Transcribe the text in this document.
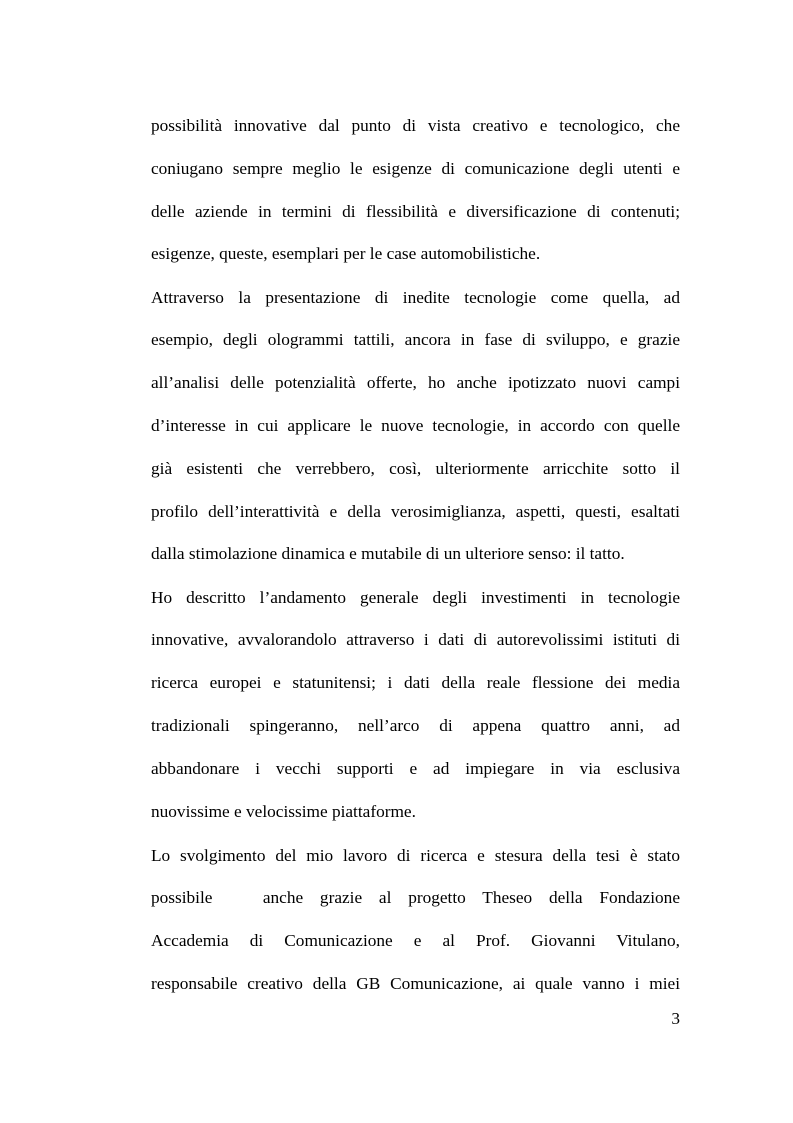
possibilità innovative dal punto di vista creativo e tecnologico, che
coniugano sempre meglio le esigenze di comunicazione degli utenti e
delle aziende in termini di flessibilità e diversificazione di contenuti;
esigenze, queste, esemplari per le case automobilistiche.
Attraverso la presentazione di inedite tecnologie come quella, ad
esempio, degli ologrammi tattili, ancora in fase di sviluppo, e grazie
all’analisi delle potenzialità offerte, ho anche ipotizzato nuovi campi
d’interesse in cui applicare le nuove tecnologie, in accordo con quelle
già esistenti che verrebbero, così, ulteriormente arricchite sotto il
profilo dell’interattività e della verosimiglianza, aspetti, questi, esaltati
dalla stimolazione dinamica e mutabile di un ulteriore senso: il tatto.
Ho descritto l’andamento generale degli investimenti in tecnologie
innovative, avvalorandolo attraverso i dati di autorevolissimi istituti di
ricerca europei e statunitensi; i dati della reale flessione dei media
tradizionali spingeranno, nell’arco di appena quattro anni, ad
abbandonare i vecchi supporti e ad impiegare in via esclusiva
nuovissime e velocissime piattaforme.
Lo svolgimento del mio lavoro di ricerca e stesura della tesi è stato
possibile   anche grazie al progetto Theseo della Fondazione
Accademia di Comunicazione e al Prof. Giovanni Vitulano,
responsabile creativo della GB Comunicazione, ai quale vanno i miei
3
